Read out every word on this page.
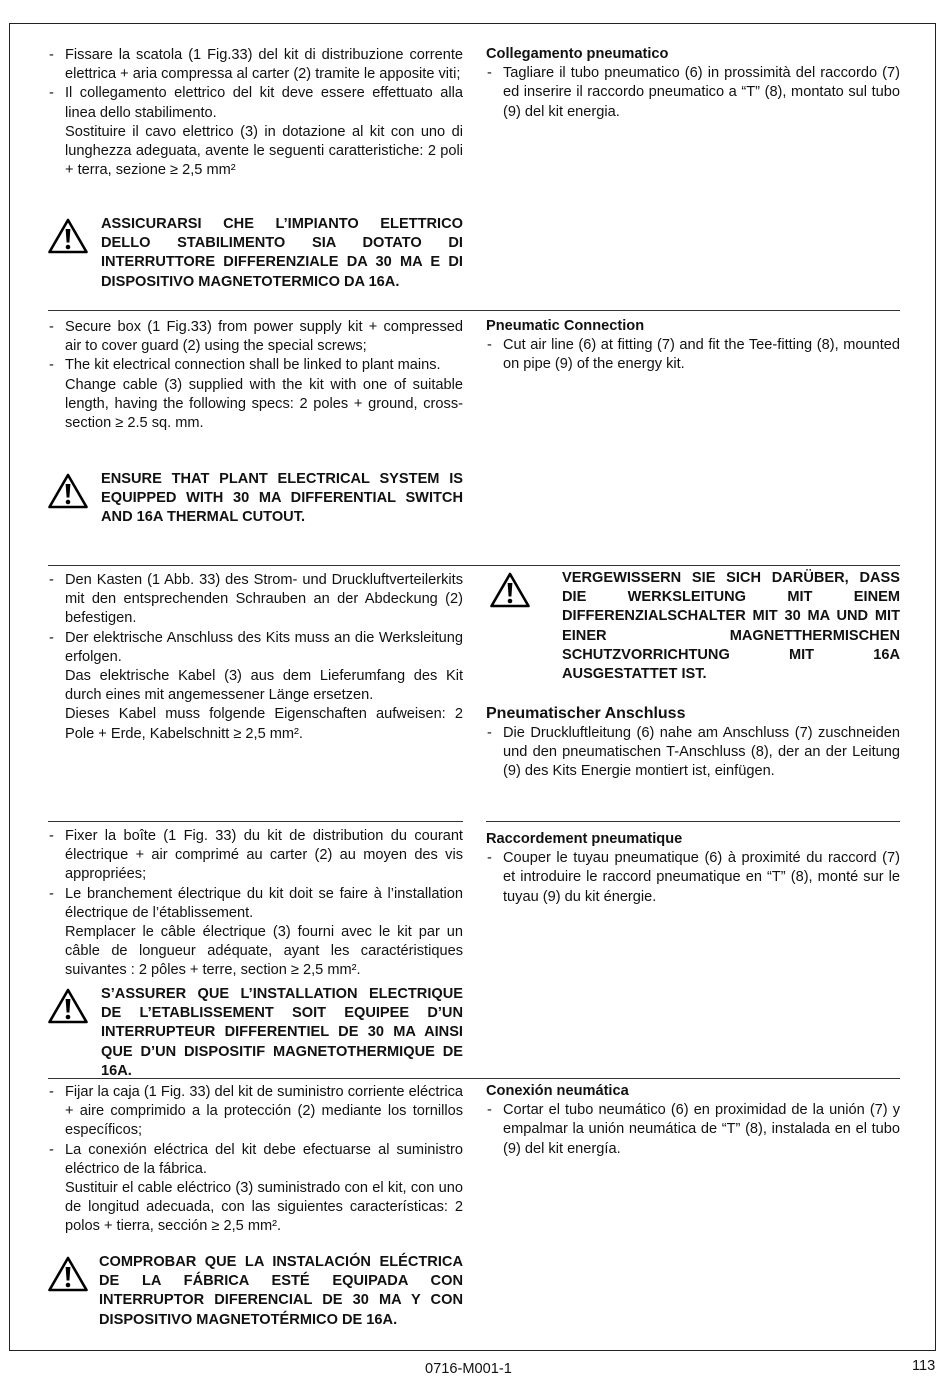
- Fissare la scatola (1 Fig.33) del kit di distribuzione corrente elettrica + aria compressa al carter (2) tramite le apposite viti;
- Il collegamento elettrico del kit deve essere effettuato alla linea dello stabilimento.

Sostituire il cavo elettrico (3) in dotazione al kit con uno di lunghezza adeguata, avente le seguenti caratteristiche: 2 poli + terra, sezione ≥ 2,5 mm²

ASSICURARSI CHE L’IMPIANTO ELETTRICO DELLO STABILIMENTO SIA DOTATO DI INTERRUTTORE DIFFERENZIALE DA 30 MA E DI DISPOSITIVO MAGNETOTERMICO DA 16A.

Collegamento pneumatico

- Tagliare il tubo pneumatico (6) in prossimità del raccordo (7) ed inserire il raccordo pneumatico a “T” (8), montato sul tubo (9) del kit energia.
- Secure box (1 Fig.33) from power supply kit + compressed air to cover guard (2) using the special screws;
- The kit electrical connection shall be linked to plant mains.

Change cable (3) supplied with the kit with one of suitable length, having the following specs: 2 poles + ground, cross-section ≥ 2.5 sq. mm.

ENSURE THAT PLANT ELECTRICAL SYSTEM IS EQUIPPED WITH 30 MA DIFFERENTIAL SWITCH AND 16A THERMAL CUTOUT.

Pneumatic Connection

- Cut air line (6) at fitting (7) and fit the Tee-fitting (8), mounted on pipe (9) of the energy kit.
- Den Kasten (1 Abb. 33) des Strom- und Druckluftverteilerkits mit den entsprechenden Schrauben an der Abdeckung (2) befestigen.
- Der elektrische Anschluss des Kits muss an die Werksleitung erfolgen.

Das elektrische Kabel (3) aus dem Lieferumfang des Kit durch eines mit angemessener Länge ersetzen.

Dieses Kabel muss folgende Eigenschaften aufweisen: 2 Pole + Erde, Kabelschnitt ≥ 2,5 mm².

VERGEWISSERN SIE SICH DARÜBER, DASS DIE WERKSLEITUNG MIT EINEM DIFFERENZIALSCHALTER MIT 30 MA UND MIT EINER MAGNETTHERMISCHEN SCHUTZVORRICHTUNG MIT 16A AUSGESTATTET IST.

Pneumatischer Anschluss

- Die Druckluftleitung (6) nahe am Anschluss (7) zuschneiden und den pneumatischen T-Anschluss (8), der an der Leitung (9) des Kits Energie montiert ist, einfügen.
- Fixer la boîte (1 Fig. 33) du kit de distribution du courant électrique + air comprimé au carter (2) au moyen des vis appropriées;
- Le branchement électrique du kit doit se faire à l’installation électrique de l’établissement.

Remplacer le câble électrique (3) fourni avec le kit par un câble de longueur adéquate, ayant les caractéristiques suivantes : 2 pôles + terre, section ≥ 2,5 mm².

S’ASSURER QUE L’INSTALLATION ELECTRIQUE DE L’ETABLISSEMENT SOIT EQUIPEE D’UN INTERRUPTEUR DIFFERENTIEL DE 30 MA AINSI QUE D’UN DISPOSITIF MAGNETOTHERMIQUE DE 16A.

Raccordement pneumatique

- Couper le tuyau pneumatique (6) à proximité du raccord (7) et introduire le raccord pneumatique en “T” (8), monté sur le tuyau (9) du kit énergie.
- Fijar la caja (1 Fig. 33) del kit de suministro corriente eléctrica + aire comprimido a la protección (2) mediante los tornillos específicos;
- La conexión eléctrica del kit debe efectuarse al suministro eléctrico de la fábrica.

Sustituir el cable eléctrico (3) suministrado con el kit, con uno de longitud adecuada, con las siguientes características: 2 polos + tierra, sección ≥ 2,5 mm².

COMPROBAR QUE LA INSTALACIÓN ELÉCTRICA DE LA FÁBRICA ESTÉ EQUIPADA CON INTERRUPTOR DIFERENCIAL DE 30 MA Y CON DISPOSITIVO MAGNETOTÉRMICO DE 16A.

Conexión neumática

- Cortar el tubo neumático (6) en proximidad de la unión (7) y empalmar la unión neumática de “T” (8), instalada en el tubo (9) del kit energía.
0716-M001-1	113
